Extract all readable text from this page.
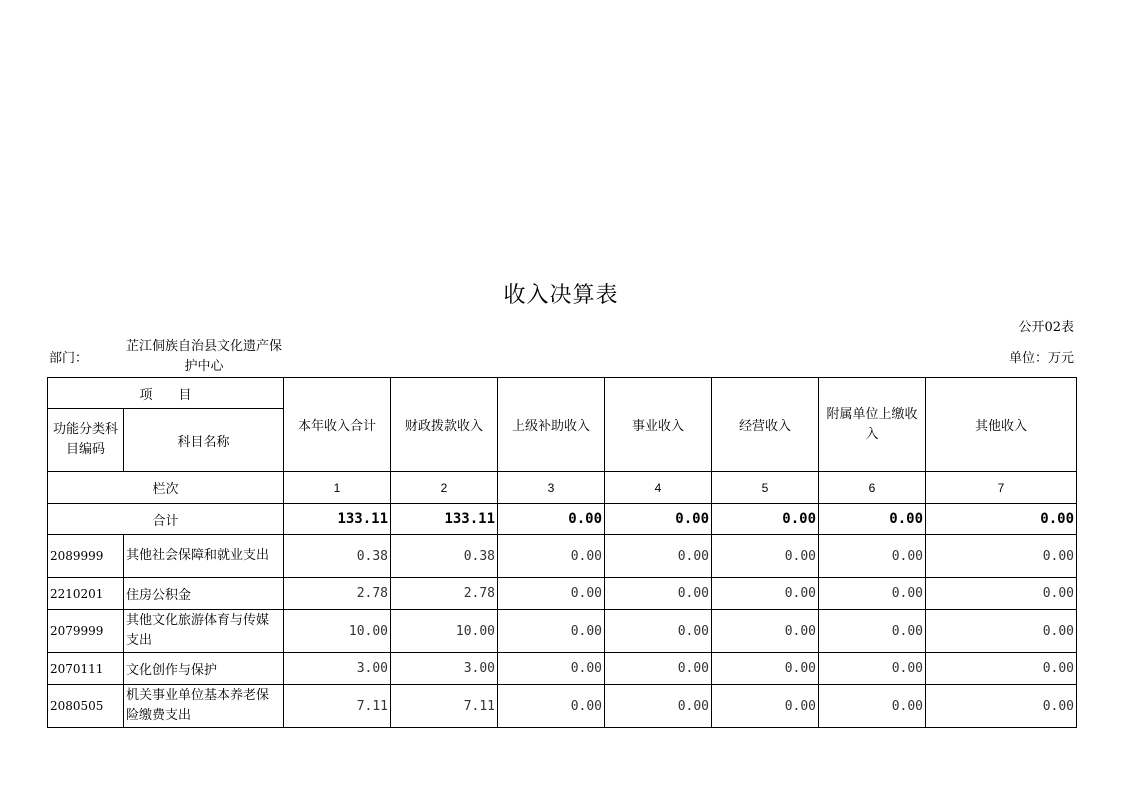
收入决算表
公开02表
部门：
芷江侗族自治县文化遗产保护中心
单位：万元
项　　目		本年收入合计	财政拨款收入	上级补助收入	事业收入	经营收入	附属单位上缴收入	其他收入
功能分类科目编码	科目名称							
栏次		1	2	3	4	5	6	7
合计		133.11	133.11	0.00	0.00	0.00	0.00	0.00
2089999	其他社会保障和就业支出	0.38	0.38	0.00	0.00	0.00	0.00	0.00
2210201	住房公积金	2.78	2.78	0.00	0.00	0.00	0.00	0.00
2079999	其他文化旅游体育与传媒支出	10.00	10.00	0.00	0.00	0.00	0.00	0.00
2070111	文化创作与保护	3.00	3.00	0.00	0.00	0.00	0.00	0.00
2080505	机关事业单位基本养老保险缴费支出	7.11	7.11	0.00	0.00	0.00	0.00	0.00
